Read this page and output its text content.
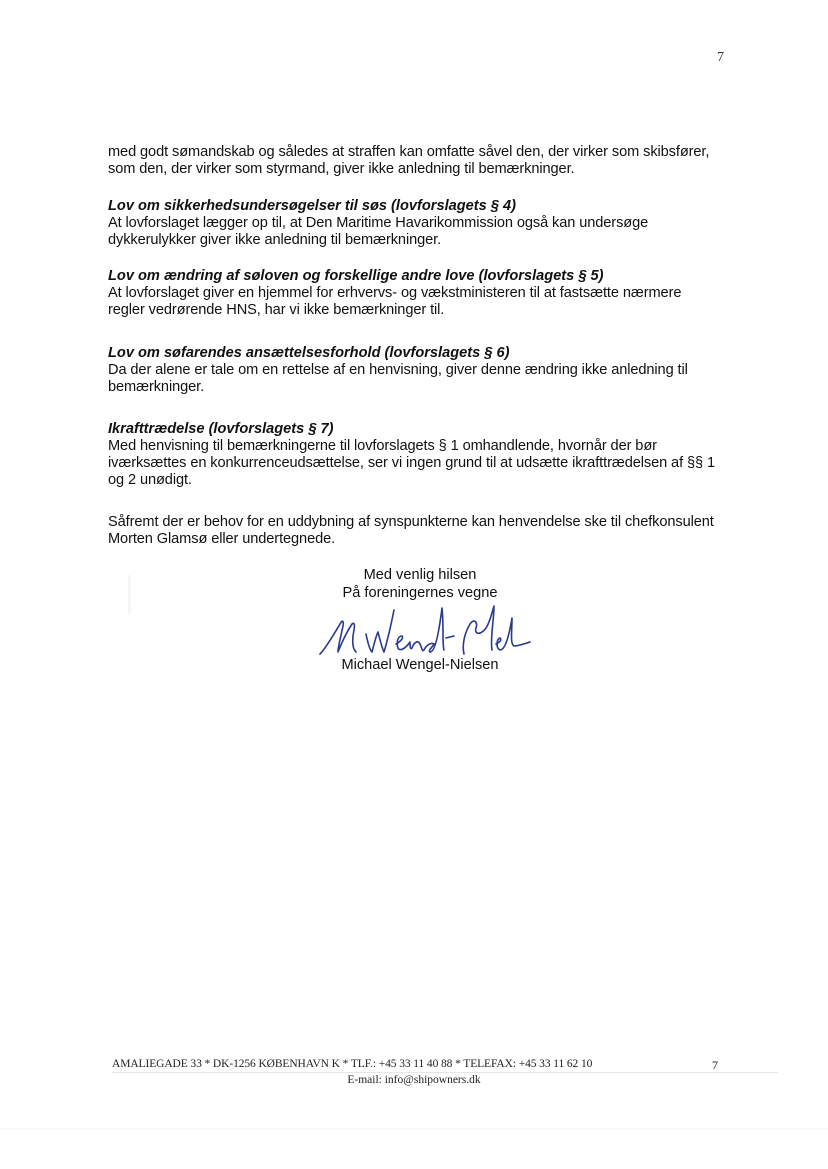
7
med godt sømandskab og således at straffen kan omfatte såvel den, der virker som skibsfører, som den, der virker som styrmand, giver ikke anledning til bemærkninger.
Lov om sikkerhedsundersøgelser til søs (lovforslagets § 4)
At lovforslaget lægger op til, at Den Maritime Havarikommission også kan undersøge dykkerulykker giver ikke anledning til bemærkninger.
Lov om ændring af søloven og forskellige andre love (lovforslagets § 5)
At lovforslaget giver en hjemmel for erhvervs- og vækstministeren til at fastsætte nærmere regler vedrørende HNS, har vi ikke bemærkninger til.
Lov om søfarendes ansættelsesforhold (lovforslagets § 6)
Da der alene er tale om en rettelse af en henvisning, giver denne ændring ikke anledning til bemærkninger.
Ikrafttrædelse (lovforslagets § 7)
Med henvisning til bemærkningerne til lovforslagets § 1 omhandlende, hvornår der bør iværksættes en konkurrenceudsættelse, ser vi ingen grund til at udsætte ikrafttrædelsen af §§ 1 og 2 unødigt.
Såfremt der er behov for en uddybning af synspunkterne kan henvendelse ske til chefkonsulent Morten Glamsø eller undertegnede.
Med venlig hilsen
På foreningernes vegne
Michael Wengel-Nielsen
AMALIEGADE 33 * DK-1256 KØBENHAVN K * TLF.: +45 33 11 40 88 * TELEFAX: +45 33 11 62 10	7
E-mail: info@shipowners.dk
